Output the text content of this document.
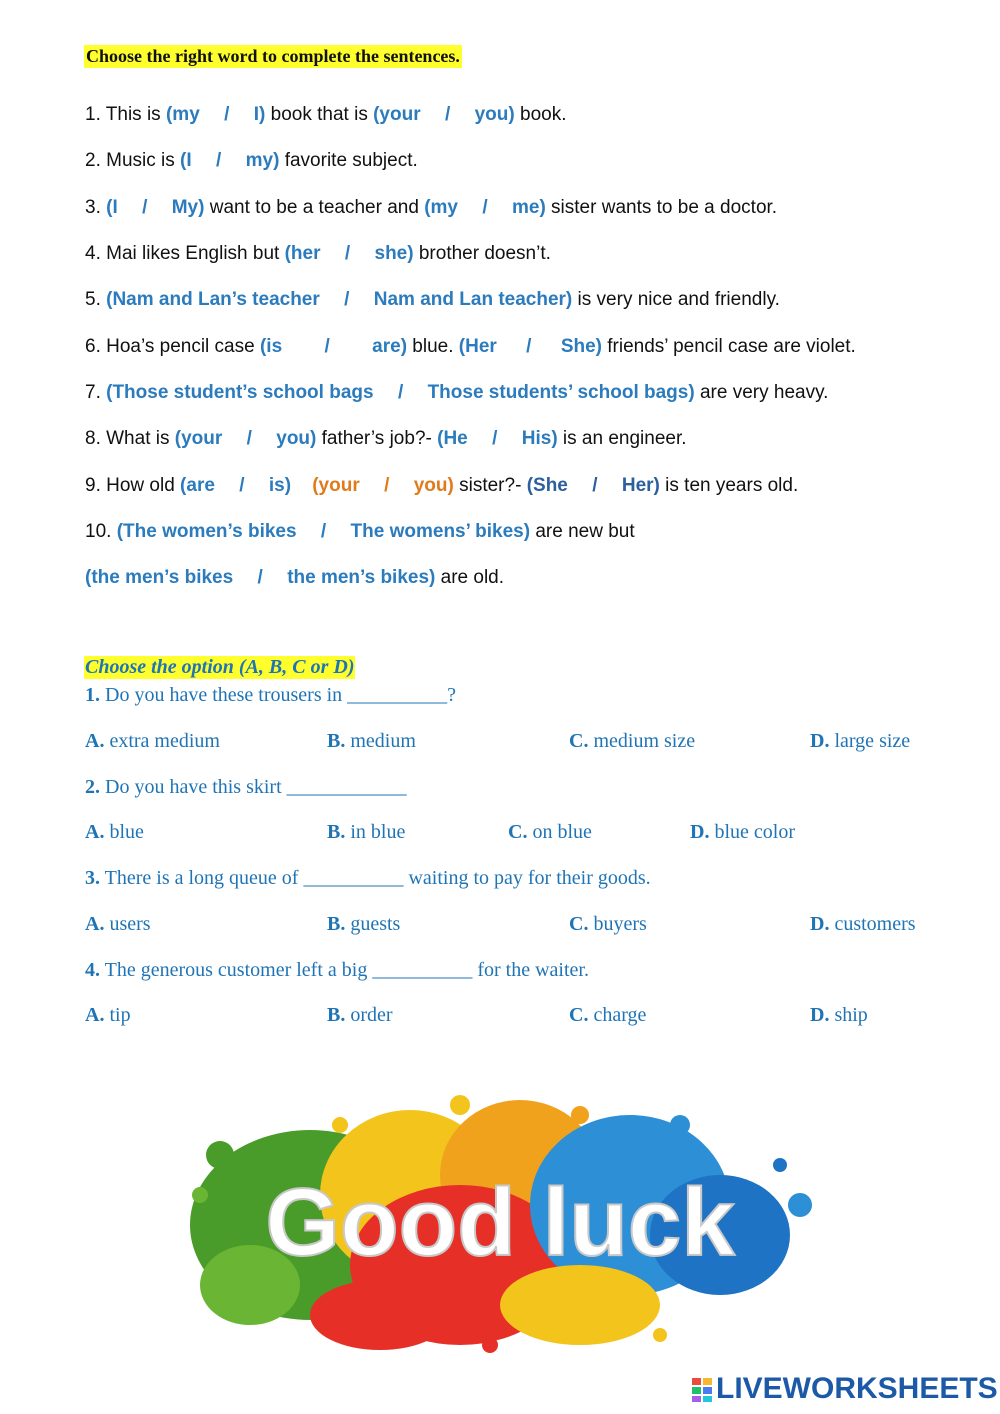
Choose the right word to complete the sentences.
1. This is (my / I) book that is (your / you) book.
2. Music is (I / my) favorite subject.
3. (I / My) want to be a teacher and (my / me) sister wants to be a doctor.
4. Mai likes English but (her / she) brother doesn’t.
5. (Nam and Lan’s teacher / Nam and Lan teacher) is very nice and friendly.
6. Hoa’s pencil case (is / are) blue. (Her / She) friends’ pencil case are violet.
7. (Those student’s school bags / Those students’ school bags) are very heavy.
8. What is (your / you) father’s job?- (He / His) is an engineer.
9. How old (are / is) (your / you) sister?- (She / Her) is ten years old.
10. (The women’s bikes / The womens’ bikes) are new but
(the men’s bikes / the men’s bikes) are old.
Choose the option (A, B, C or D)
1. Do you have these trousers in __________?
A. extra medium	B. medium	C. medium size	D. large size
2. Do you have this skirt ____________
A. blue	B. in blue	C. on blue	D. blue color
3. There is a long queue of __________ waiting to pay for their goods.
A. users	B. guests	C. buyers	D. customers
4. The generous customer left a big __________ for the waiter.
A. tip	B. order	C. charge	D. ship
Good luck
LIVEWORKSHEETS
